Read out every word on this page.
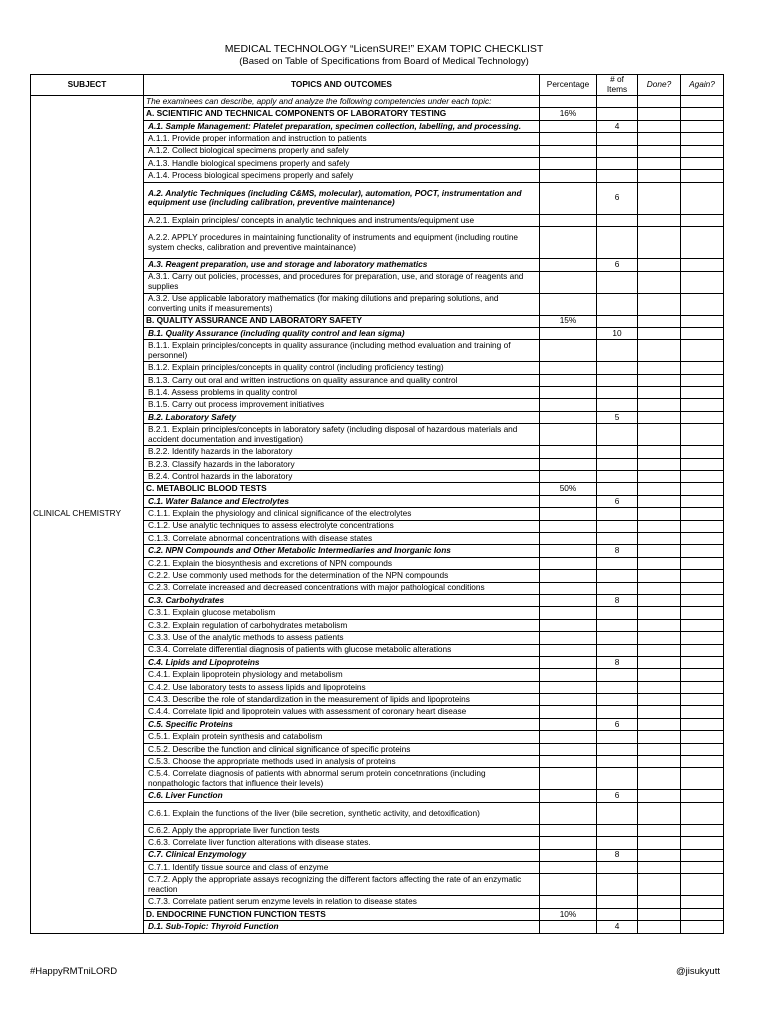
MEDICAL TECHNOLOGY “LicenSURE!” EXAM TOPIC CHECKLIST
(Based on Table of Specifications from Board of Medical Technology)
SUBJECT	TOPICS AND OUTCOMES	Percentage	# of Items	Done?	Again?
CLINICAL CHEMISTRY	The examinees can describe, apply and analyze the following competencies under each topic:				
	A. SCIENTIFIC AND TECHNICAL COMPONENTS OF LABORATORY TESTING	16%			
	A.1. Sample Management: Platelet preparation, specimen collection, labelling, and processing.		4		
	A.1.1. Provide proper information and instruction to patients				
	A.1.2. Collect biological specimens properly and safely				
	A.1.3. Handle biological specimens properly and safely				
	A.1.4. Process biological specimens properly and safely				
	A.2. Analytic Techniques (including C&MS, molecular), automation, POCT, instrumentation and equipment use (including calibration, preventive maintenance)		6		
	A.2.1. Explain principles/ concepts in analytic techniques and instruments/equipment use				
	A.2.2. APPLY procedures in maintaining functionality of instruments and equipment (including routine system checks, calibration and preventive maintainance)				
	A.3. Reagent preparation, use and storage and laboratory mathematics		6		
	A.3.1. Carry out policies, processes, and procedures for preparation, use, and storage of reagents and supplies				
	A.3.2. Use applicable laboratory mathematics (for making dilutions and preparing solutions, and converting units if measurements)				
	B. QUALITY ASSURANCE AND LABORATORY SAFETY	15%			
	B.1. Quality Assurance (including quality control and lean sigma)		10		
	B.1.1. Explain principles/concepts in quality assurance (including method evaluation and training of personnel)				
	B.1.2. Explain principles/concepts in quality control (including proficiency testing)				
	B.1.3. Carry out oral and written instructions on quality assurance and quality control				
	B.1.4. Assess problems in quality control				
	B.1.5. Carry out process improvement initiatives				
	B.2. Laboratory Safety		5		
	B.2.1. Explain principles/concepts in laboratory safety (including disposal of hazardous materials and accident documentation and investigation)				
	B.2.2. Identify hazards in the laboratory				
	B.2.3. Classify hazards in the laboratory				
	B.2.4. Control hazards in the laboratory				
	C. METABOLIC BLOOD TESTS	50%			
	C.1. Water Balance and Electrolytes		6		
	C.1.1. Explain the physiology and clinical significance of the electrolytes				
	C.1.2. Use analytic techniques to assess electrolyte concentrations				
	C.1.3. Correlate abnormal concentrations with disease states				
	C.2. NPN Compounds and Other Metabolic Intermediaries and Inorganic Ions		8		
	C.2.1. Explain the biosynthesis and excretions of NPN compounds				
	C.2.2. Use commonly used methods for the determination of the NPN compounds				
	C.2.3. Correlate increased and decreased concentrations with major pathological conditions				
	C.3. Carbohydrates		8		
	C.3.1. Explain glucose metabolism				
	C.3.2. Explain regulation of carbohydrates metabolism				
	C.3.3. Use of the analytic methods to assess patients				
	C.3.4. Correlate differential diagnosis of patients with glucose metabolic alterations				
	C.4. Lipids and Lipoproteins		8		
	C.4.1. Explain lipoprotein physiology and metabolism				
	C.4.2. Use laboratory tests to assess lipids and lipoproteins				
	C.4.3. Describe the role of standardization in the measurement of lipids and lipoproteins				
	C.4.4. Correlate lipid and lipoprotein values with assessment of coronary heart disease				
	C.5. Specific Proteins		6		
	C.5.1. Explain protein synthesis and catabolism				
	C.5.2. Describe the function and clinical significance of specific proteins				
	C.5.3. Choose the appropriate methods used in analysis of proteins				
	C.5.4. Correlate diagnosis of patients with abnormal serum protein concetnrations (including nonpathologic factors that influence their levels)				
	C.6. Liver Function		6		
	C.6.1. Explain the functions of the liver (bile secretion, synthetic activity, and detoxification)				
	C.6.2. Apply the appropriate liver function tests				
	C.6.3. Correlate liver function alterations with disease states.				
	C.7. Clinical Enzymology		8		
	C.7.1. Identify tissue source and class of enzyme				
	C.7.2. Apply the appropriate assays recognizing the different factors affecting the rate of an enzymatic reaction				
	C.7.3. Correlate patient serum enzyme levels in relation to disease states				
	D. ENDOCRINE FUNCTION FUNCTION TESTS	10%			
	D.1. Sub-Topic: Thyroid Function		4		
#HappyRMTniLORD	@jisukyutt
